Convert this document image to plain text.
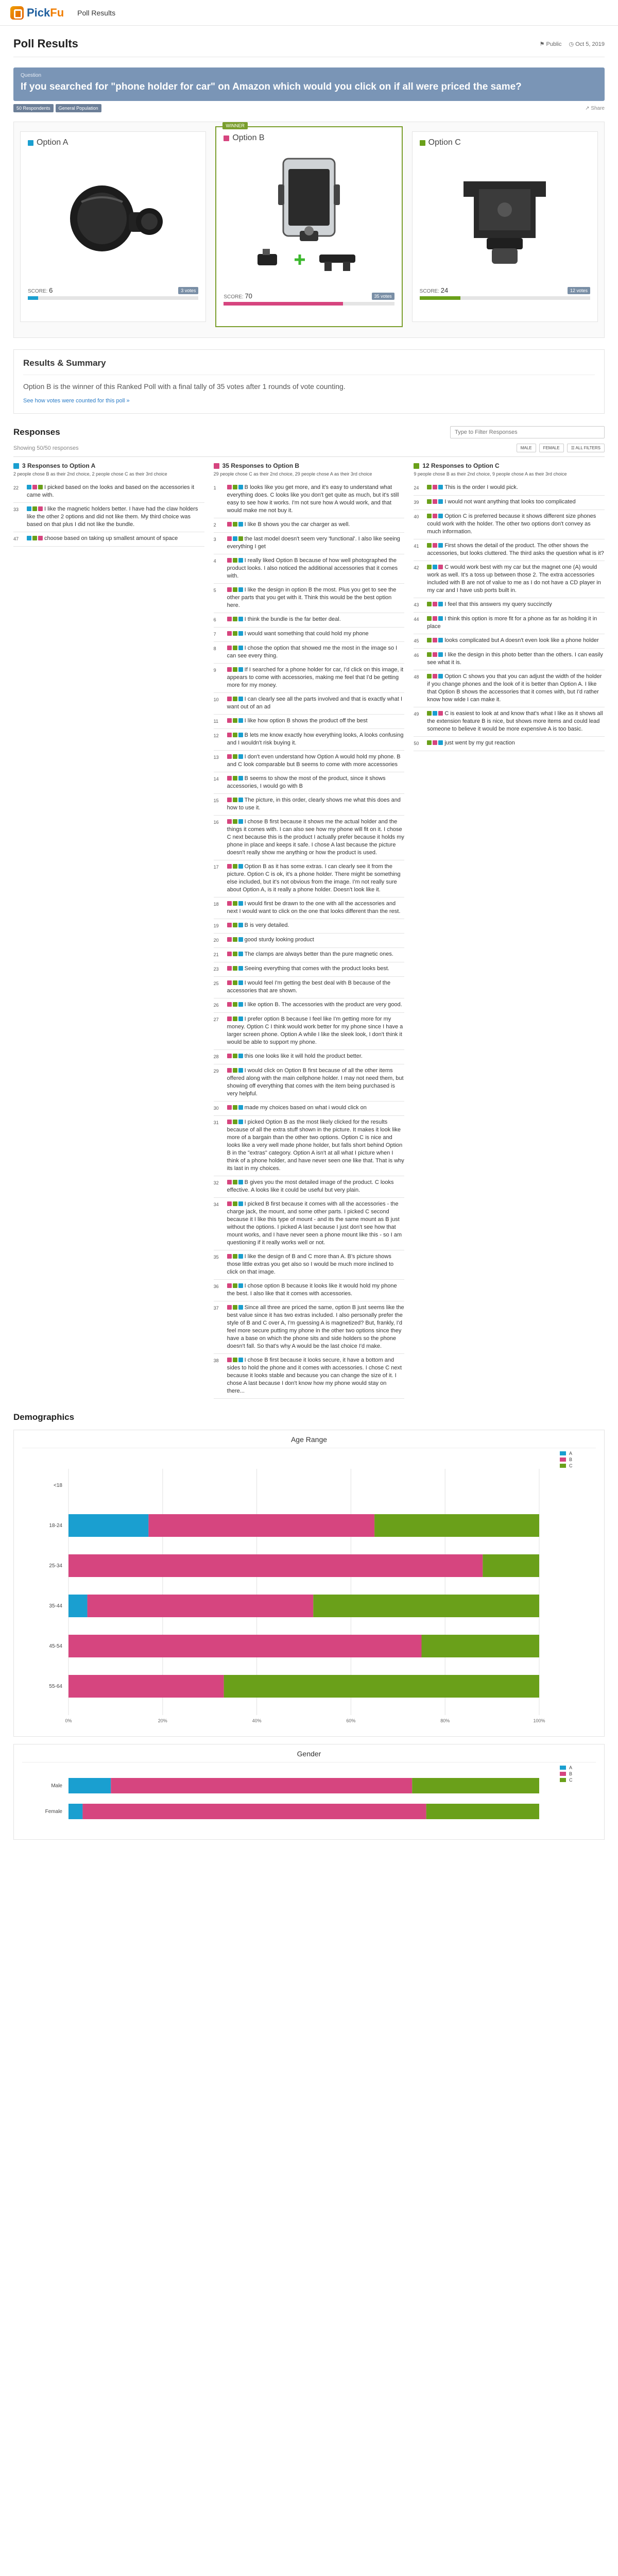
Pick Fu Poll Results
Poll Results	⚑ Public ◷ Oct 5, 2019
Question
If you searched for "phone holder for car" on Amazon which would you click on if all were priced the same?
50 Respondents	General Population	↗ Share
Option A
SCORE: 6	3 votes
WINNER
Option B
SCORE: 70	35 votes
Option C
SCORE: 24	12 votes
Results & Summary

Option B is the winner of this Ranked Poll with a final tally of 35 votes after 1 rounds of vote counting.

See how votes were counted for this poll »
Responses
Type to Filter Responses
Showing 50/50 responses	MALE	FEMALE	☰ ALL FILTERS
3 Responses to Option A
2 people chose B as their 2nd choice, 2 people chose C as their 3rd choice
22	I picked based on the looks and based on the accessories it came with.
33	I like the magnetic holders better. I have had the claw holders like the other 2 options and did not like them. My third choice was based on that plus I did not like the bundle.
47	choose based on taking up smallest amount of space
35 Responses to Option B
29 people chose C as their 2nd choice, 29 people chose A as their 3rd choice
1	B looks like you get more, and it's easy to understand what everything does. C looks like you don't get quite as much, but it's still easy to see how it works. I'm not sure how A would work, and that would make me not buy it.
2	I like B shows you the car charger as well.
3	the last model doesn't seem very 'functional'. I also like seeing everything I get
4	I really liked Option B because of how well photographed the product looks. I also noticed the additional accessories that it comes with.
5	I like the design in option B the most. Plus you get to see the other parts that you get with it. Think this would be the best option here.
6	I think the bundle is the far better deal.
7	I would want something that could hold my phone
8	I chose the option that showed me the most in the image so I can see every thing.
9	If I searched for a phone holder for car, I'd click on this image, it appears to come with accessories, making me feel that I'd be getting more for my money.
10	I can clearly see all the parts involved and that is exactly what I want out of an ad
11	I like how option B shows the product off the best
12	B lets me know exactly how everything looks, A looks confusing and I wouldn't risk buying it.
13	I don't even understand how Option A would hold my phone. B and C look comparable but B seems to come with more accessories
14	B seems to show the most of the product, since it shows accessories, I would go with B
15	The picture, in this order, clearly shows me what this does and how to use it.
16	I chose B first because it shows me the actual holder and the things it comes with. I can also see how my phone will fit on it. I chose C next because this is the product I actually prefer because it holds my phone in place and keeps it safe. I chose A last because the picture doesn't really show me anything or how the product is used.
17	Option B as it has some extras. I can clearly see it from the picture. Option C is ok, it's a phone holder. There might be something else included, but it's not obvious from the image. I'm not really sure about Option A, is it really a phone holder. Doesn't look like it.
18	I would first be drawn to the one with all the accessories and next I would want to click on the one that looks different than the rest.
19	B is very detailed.
20	good sturdy looking product
21	The clamps are always better than the pure magnetic ones.
23	Seeing everything that comes with the product looks best.
25	I would feel I'm getting the best deal with B because of the accessories that are shown.
26	I like option B. The accessories with the product are very good.
27	I prefer option B because I feel like I'm getting more for my money. Option C I think would work better for my phone since I have a larger screen phone. Option A while I like the sleek look, I don't think it would be able to support my phone.
28	this one looks like it will hold the product better.
29	I would click on Option B first because of all the other items offered along with the main cellphone holder. I may not need them, but showing off everything that comes with the item being purchased is very helpful.
30	made my choices based on what i would click on
31	I picked Option B as the most likely clicked for the results because of all the extra stuff shown in the picture. It makes it look like more of a bargain than the other two options. Option C is nice and looks like a very well made phone holder, but falls short behind Option B in the "extras" category. Option A isn't at all what I picture when I think of a phone holder, and have never seen one like that. That is why its last in my choices.
32	B gives you the most detailed image of the product. C looks effective. A looks like it could be useful but very plain.
34	I picked B first because it comes with all the accessories - the charge jack, the mount, and some other parts. I picked C second because it I like this type of mount - and its the same mount as B just without the options. I picked A last because I just don't see how that mount works, and I have never seen a phone mount like this - so I am questioning if it really works well or not.
35	I like the design of B and C more than A. B's picture shows those little extras you get also so I would be much more inclined to click on that image.
36	I chose option B because it looks like it would hold my phone the best. I also like that it comes with accessories.
37	Since all three are priced the same, option B just seems like the best value since it has two extras included. I also personally prefer the style of B and C over A, I'm guessing A is magnetized? But, frankly, I'd feel more secure putting my phone in the other two options since they have a base on which the phone sits and side holders so the phone doesn't fall. So that's why A would be the last choice I'd make.
38	I chose B first because it looks secure, it have a bottom and sides to hold the phone and it comes with accessories. I chose C next because it looks stable and because you can change the size of it. I chose A last because I don't know how my phone would stay on there...
12 Responses to Option C
9 people chose B as their 2nd choice, 9 people chose A as their 3rd choice
24	This is the order I would pick.
39	I would not want anything that looks too complicated
40	Option C is preferred because it shows different size phones could work with the holder. The other two options don't convey as much information.
41	First shows the detail of the product. The other shows the accessories, but looks cluttered. The third asks the question what is it?
42	C would work best with my car but the magnet one (A) would work as well. It's a toss up between those 2. The extra accessories included with B are not of value to me as I do not have a CD player in my car and I have usb ports built in.
43	I feel that this answers my query succinctly
44	I think this option is more fit for a phone as far as holding it in place
45	looks complicated but A doesn't even look like a phone holder
46	I like the design in this photo better than the others. I can easily see what it is.
48	Option C shows you that you can adjust the width of the holder if you change phones and the look of it is better than Option A. I like that Option B shows the accessories that it comes with, but I'd rather know how wide I can make it.
49	C is easiest to look at and know that's what I like as it shows all the extension feature B is nice, but shows more items and could lead someone to believe it would be more expensive A is too basic.
50	just went by my gut reaction
Demographics
Age Range
A
B
C
0%	20%	40%	60%	80%	100%
<18
18-24
25-34
35-44
45-54
55-64
Gender
A
B
C
Male
Female
